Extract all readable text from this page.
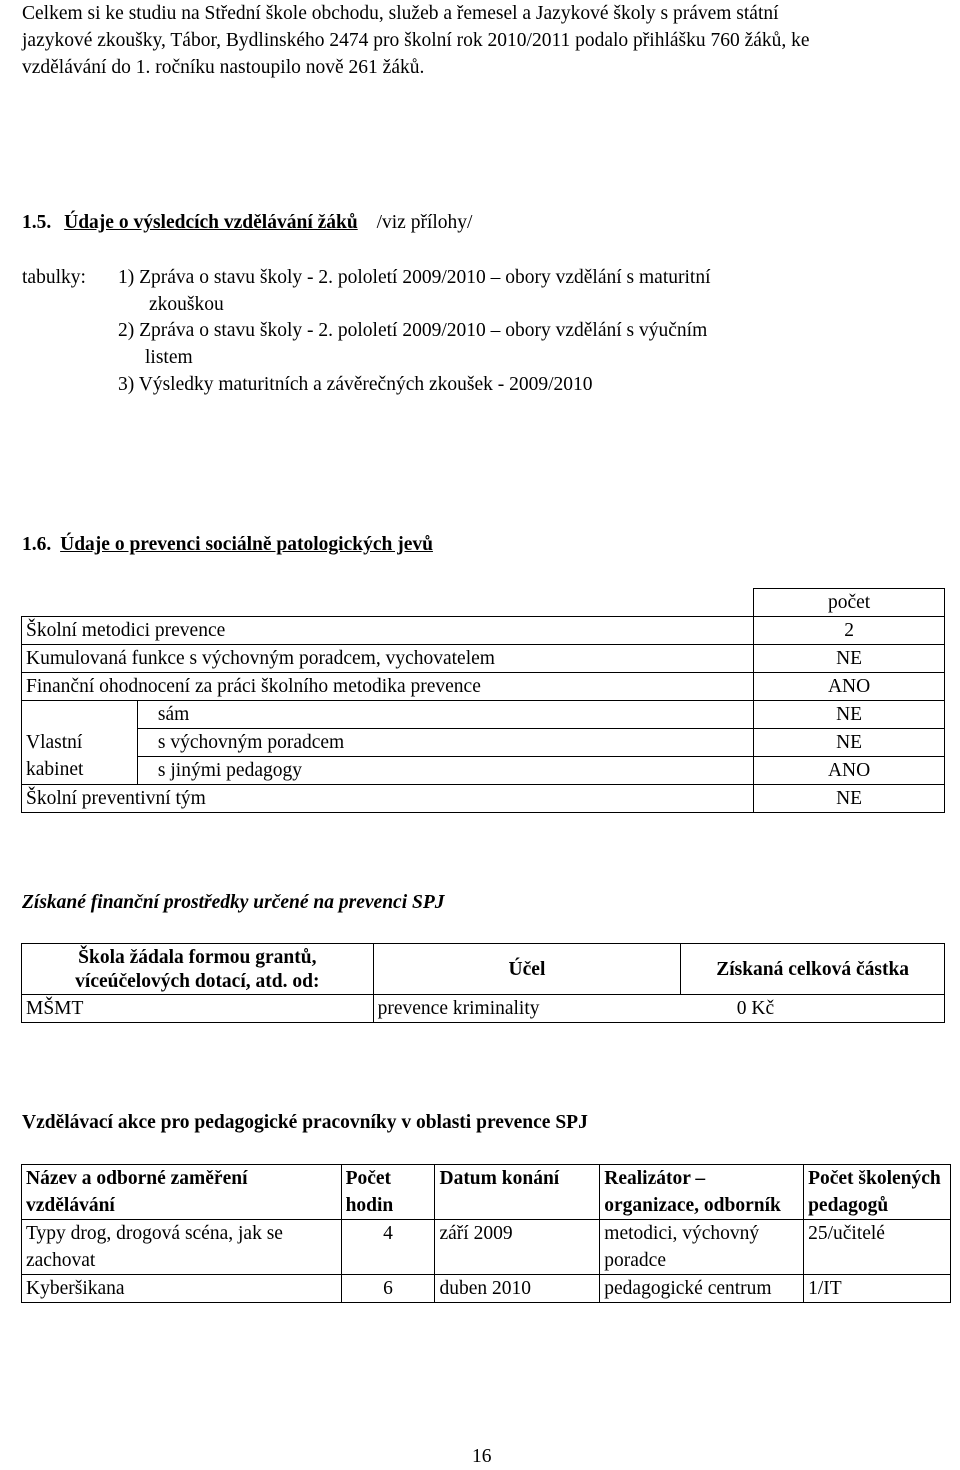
Celkem si ke studiu na Střední škole obchodu, služeb a řemesel a Jazykové školy s právem státní
jazykové zkoušky, Tábor, Bydlinského 2474 pro školní rok 2010/2011 podalo přihlášku 760 žáků, ke
vzdělávání do 1. ročníku nastoupilo nově 261 žáků.
1.5. Údaje o výsledcích vzdělávání žáků /viz přílohy/
tabulky: 1) Zpráva o stavu školy - 2. pololetí 2009/2010 – obory vzdělání s maturitní
zkouškou
2) Zpráva o stavu školy - 2. pololetí 2009/2010 – obory vzdělání s výučním
listem
3) Výsledky maturitních a závěrečných zkoušek - 2009/2010
1.6. Údaje o prevenci sociálně patologických jevů
		počet
Školní metodici prevence		2
Kumulovaná funkce s výchovným poradcem, vychovatelem		NE
Finanční ohodnocení za práci školního metodika prevence		ANO

Vlastní
kabinet	sám	NE
	s výchovným poradcem	NE
	s jinými pedagogy	ANO
Školní preventivní tým		NE
Získané finanční prostředky určené na prevenci SPJ
Škola žádala formou grantů,
víceúčelových dotací, atd. od:	Účel	Získaná celková částka
MŠMT	prevence kriminality	0 Kč
Vzdělávací akce pro pedagogické pracovníky v oblasti prevence SPJ
Název a odborné zaměření vzdělávání	Počet hodin	Datum konání	Realizátor – organizace, odborník	Počet školených pedagogů
Typy drog, drogová scéna, jak se zachovat	4	září 2009	metodici, výchovný poradce	25/učitelé
Kyberšikana	6	duben 2010	pedagogické centrum	1/IT
16
